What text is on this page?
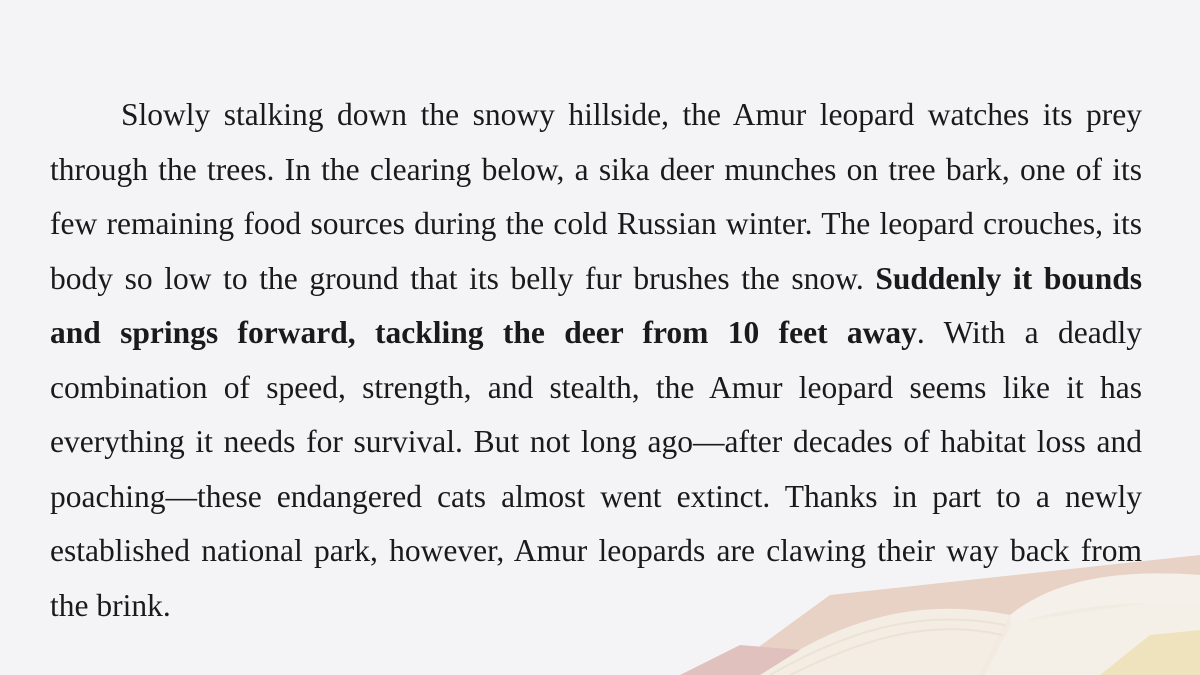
Slowly stalking down the snowy hillside, the Amur leopard watches its prey through the trees. In the clearing below, a sika deer munches on tree bark, one of its few remaining food sources during the cold Russian winter. The leopard crouches, its body so low to the ground that its belly fur brushes the snow. Suddenly it bounds and springs forward, tackling the deer from 10 feet away. With a deadly combination of speed, strength, and stealth, the Amur leopard seems like it has everything it needs for survival. But not long ago—after decades of habitat loss and poaching—these endangered cats almost went extinct. Thanks in part to a newly established national park, however, Amur leopards are clawing their way back from the brink.
